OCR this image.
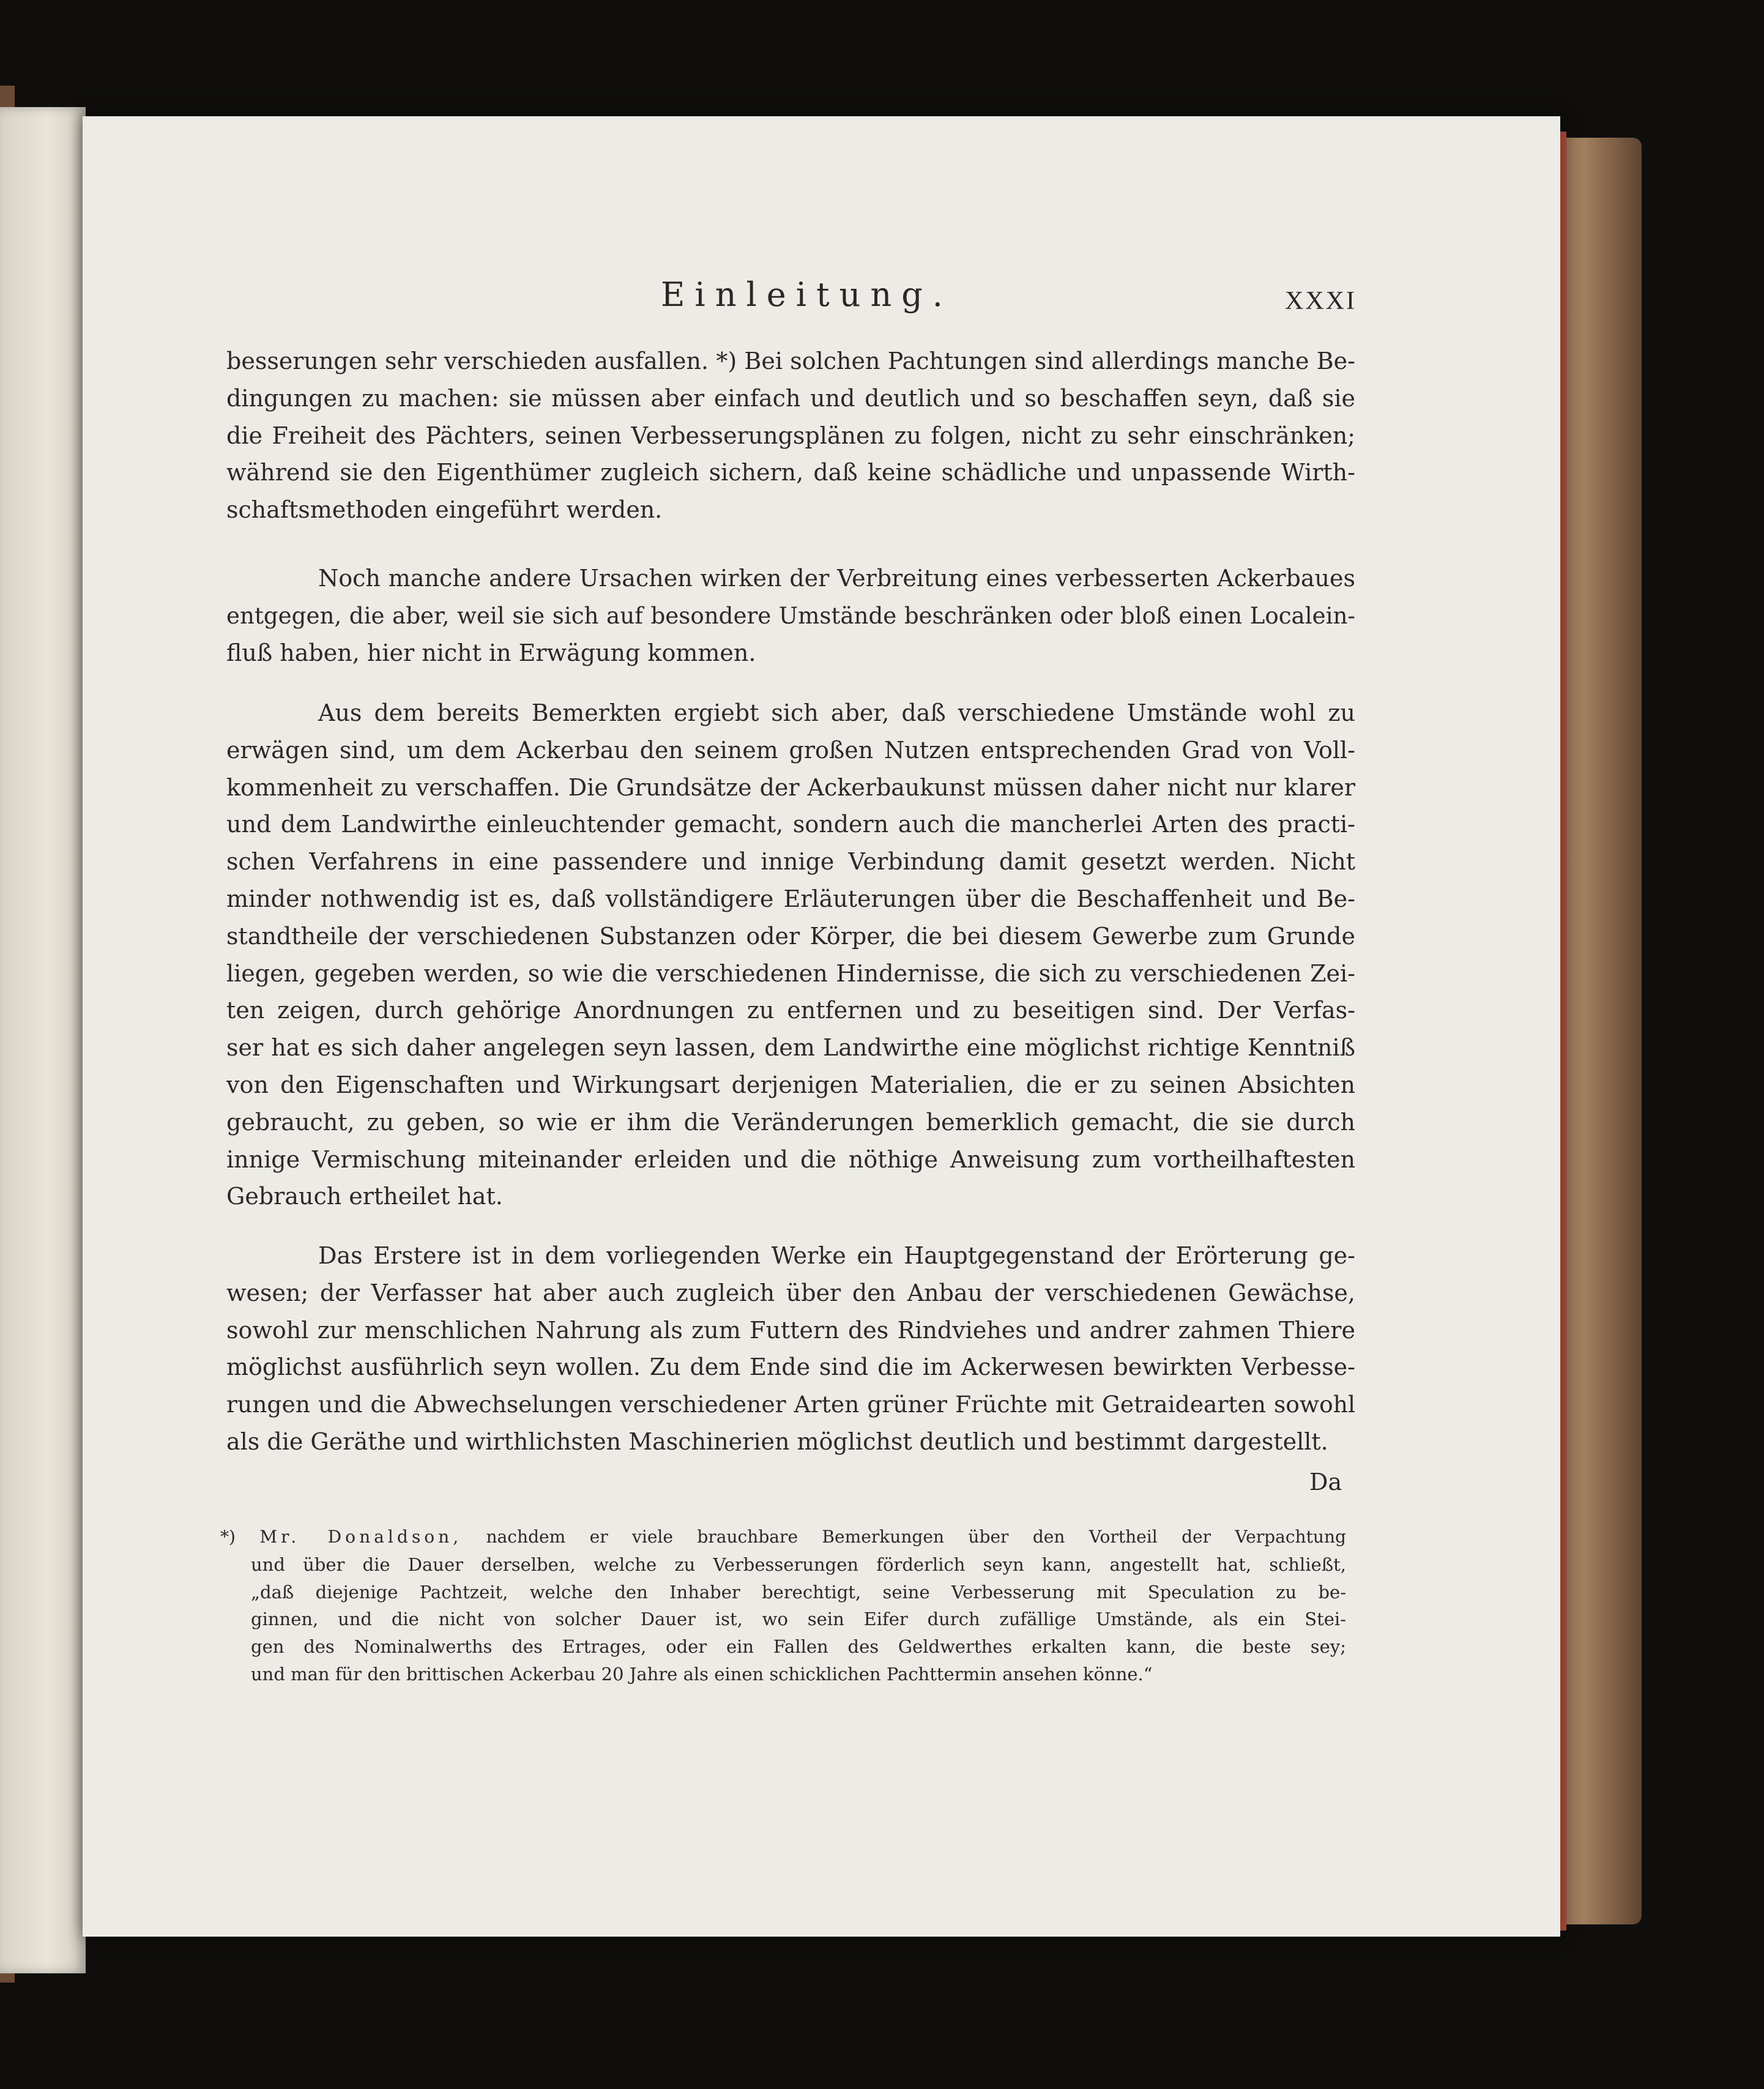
Einleitung.	XXXI
besserungen sehr verschieden ausfallen. *) Bei solchen Pachtungen sind allerdings manche Be-
dingungen zu machen: sie müssen aber einfach und deutlich und so beschaffen seyn, daß sie
die Freiheit des Pächters, seinen Verbesserungsplänen zu folgen, nicht zu sehr einschränken;
während sie den Eigenthümer zugleich sichern, daß keine schädliche und unpassende Wirth-
schaftsmethoden eingeführt werden.
Noch manche andere Ursachen wirken der Verbreitung eines verbesserten Ackerbaues
entgegen, die aber, weil sie sich auf besondere Umstände beschränken oder bloß einen Localein-
fluß haben, hier nicht in Erwägung kommen.
Aus dem bereits Bemerkten ergiebt sich aber, daß verschiedene Umstände wohl zu
erwägen sind, um dem Ackerbau den seinem großen Nutzen entsprechenden Grad von Voll-
kommenheit zu verschaffen. Die Grundsätze der Ackerbaukunst müssen daher nicht nur klarer
und dem Landwirthe einleuchtender gemacht, sondern auch die mancherlei Arten des practi-
schen Verfahrens in eine passendere und innige Verbindung damit gesetzt werden. Nicht
minder nothwendig ist es, daß vollständigere Erläuterungen über die Beschaffenheit und Be-
standtheile der verschiedenen Substanzen oder Körper, die bei diesem Gewerbe zum Grunde
liegen, gegeben werden, so wie die verschiedenen Hindernisse, die sich zu verschiedenen Zei-
ten zeigen, durch gehörige Anordnungen zu entfernen und zu beseitigen sind. Der Verfas-
ser hat es sich daher angelegen seyn lassen, dem Landwirthe eine möglichst richtige Kenntniß
von den Eigenschaften und Wirkungsart derjenigen Materialien, die er zu seinen Absichten
gebraucht, zu geben, so wie er ihm die Veränderungen bemerklich gemacht, die sie durch
innige Vermischung miteinander erleiden und die nöthige Anweisung zum vortheilhaftesten
Gebrauch ertheilet hat.
Das Erstere ist in dem vorliegenden Werke ein Hauptgegenstand der Erörterung ge-
wesen; der Verfasser hat aber auch zugleich über den Anbau der verschiedenen Gewächse,
sowohl zur menschlichen Nahrung als zum Futtern des Rindviehes und andrer zahmen Thiere
möglichst ausführlich seyn wollen. Zu dem Ende sind die im Ackerwesen bewirkten Verbesse-
rungen und die Abwechselungen verschiedener Arten grüner Früchte mit Getraidearten sowohl
als die Geräthe und wirthlichsten Maschinerien möglichst deutlich und bestimmt dargestellt.
Da
*) Mr. Donaldson, nachdem er viele brauchbare Bemerkungen über den Vortheil der Verpachtung
und über die Dauer derselben, welche zu Verbesserungen förderlich seyn kann, angestellt hat, schließt,
„daß diejenige Pachtzeit, welche den Inhaber berechtigt, seine Verbesserung mit Speculation zu be-
ginnen, und die nicht von solcher Dauer ist, wo sein Eifer durch zufällige Umstände, als ein Stei-
gen des Nominalwerths des Ertrages, oder ein Fallen des Geldwerthes erkalten kann, die beste sey;
und man für den brittischen Ackerbau 20 Jahre als einen schicklichen Pachttermin ansehen könne.“
